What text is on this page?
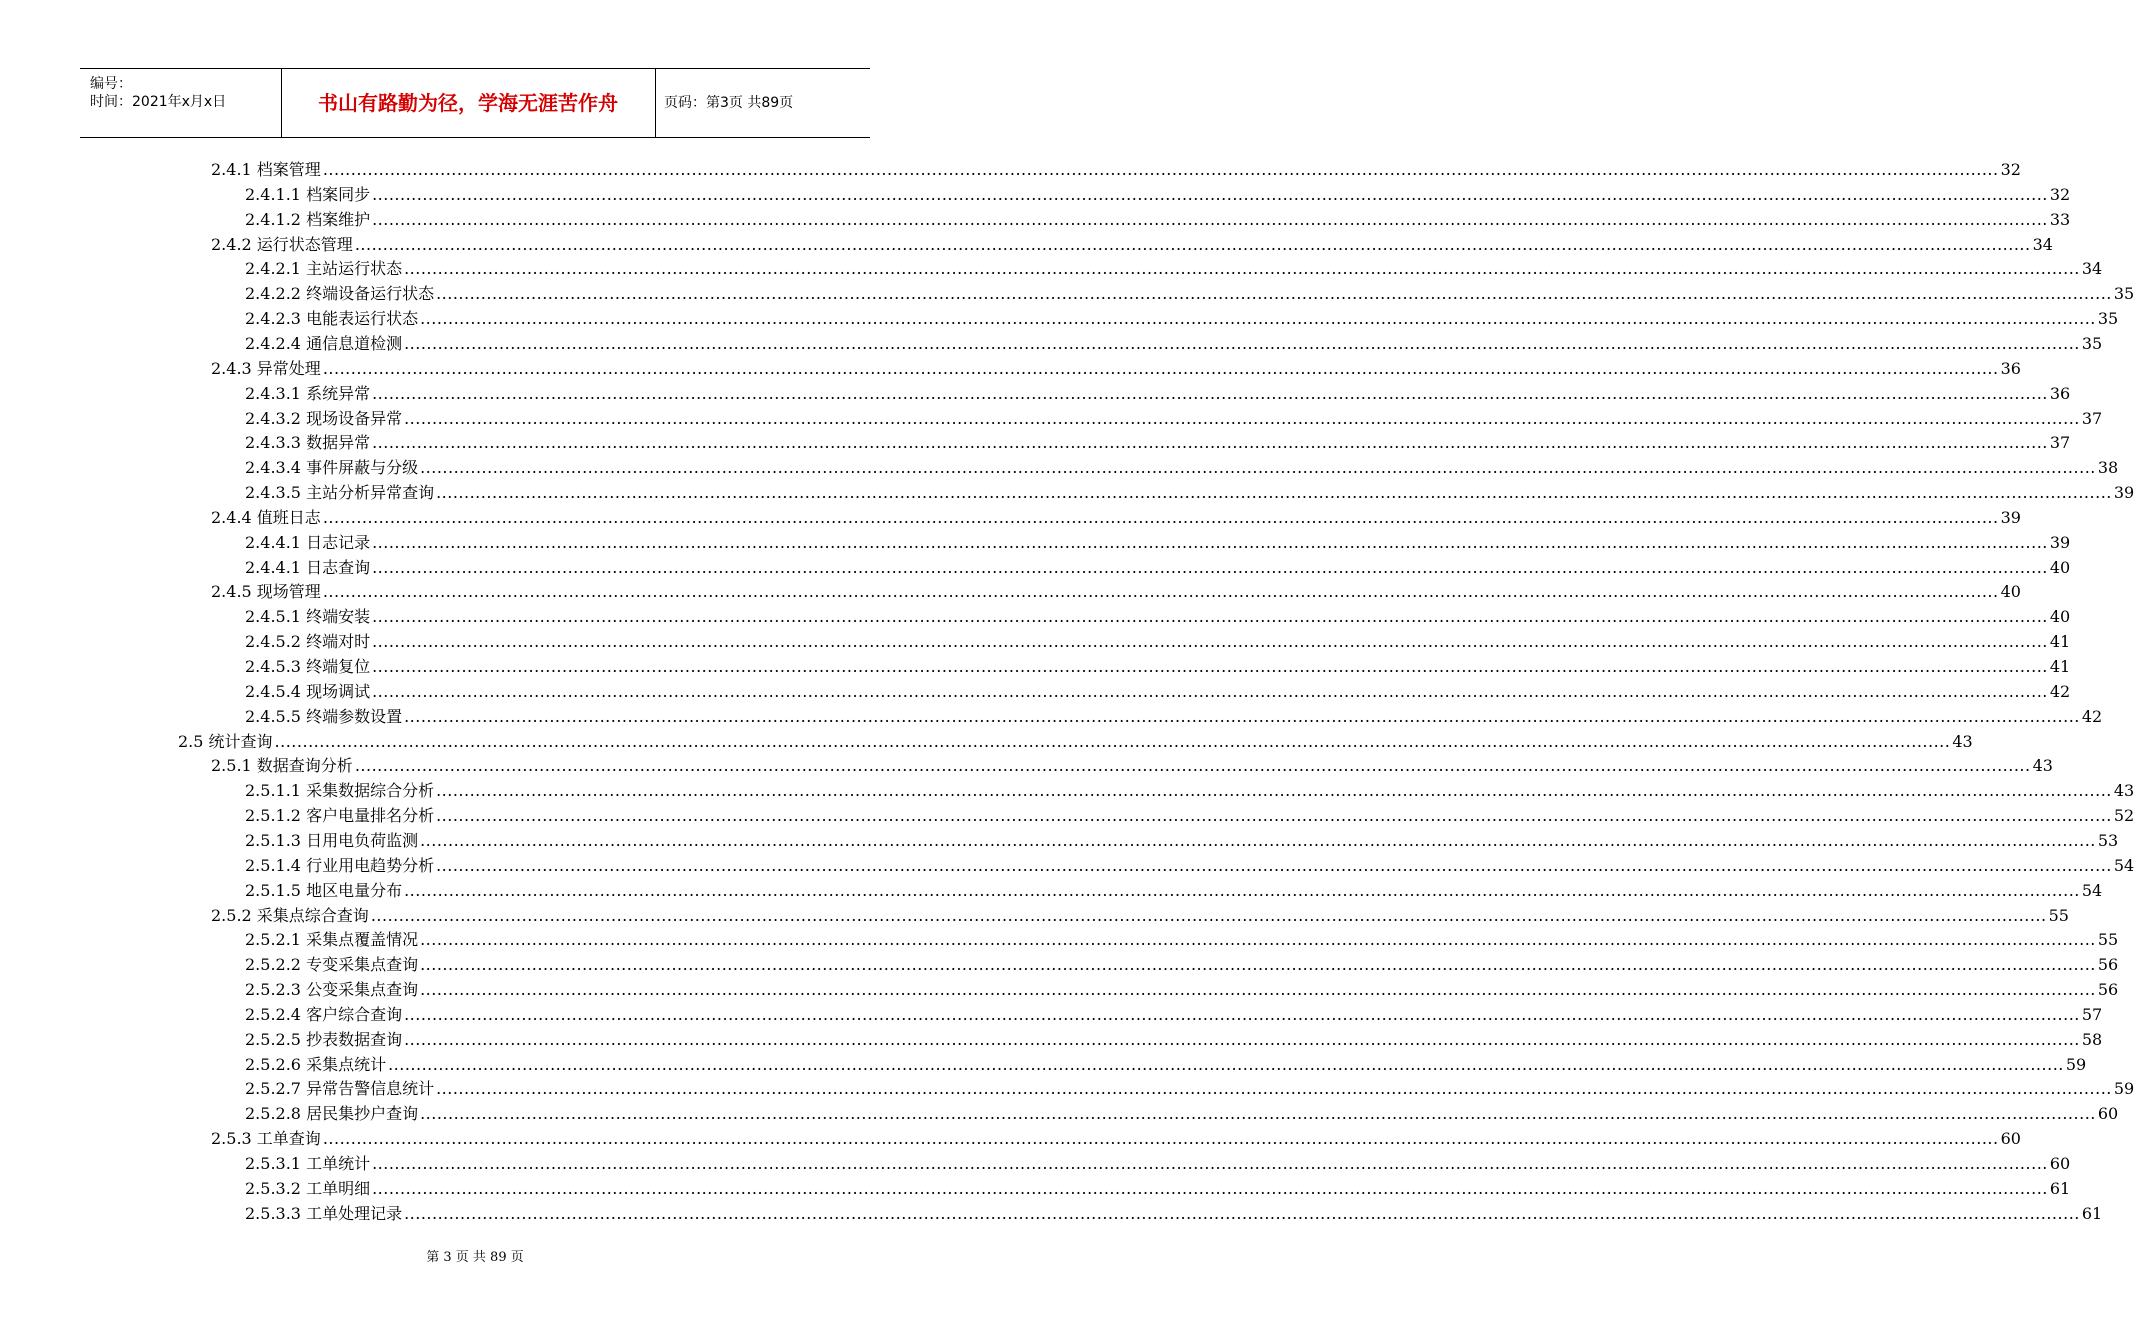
编号：
时间：2021年x月x日	书山有路勤为径，学海无涯苦作舟	页码：第3页 共89页
2.4.1 档案管理 ............................................................................................................................................................................................................................................................................................................ 32
2.4.1.1 档案同步 ............................................................................................................................................................................................................................................................................................................ 32
2.4.1.2 档案维护 ............................................................................................................................................................................................................................................................................................................ 33
2.4.2 运行状态管理 ............................................................................................................................................................................................................................................................................................................ 34
2.4.2.1 主站运行状态 ............................................................................................................................................................................................................................................................................................................ 34
2.4.2.2 终端设备运行状态 ............................................................................................................................................................................................................................................................................................................ 35
2.4.2.3 电能表运行状态 ............................................................................................................................................................................................................................................................................................................ 35
2.4.2.4 通信息道检测 ............................................................................................................................................................................................................................................................................................................ 35
2.4.3 异常处理 ............................................................................................................................................................................................................................................................................................................ 36
2.4.3.1 系统异常 ............................................................................................................................................................................................................................................................................................................ 36
2.4.3.2 现场设备异常 ............................................................................................................................................................................................................................................................................................................ 37
2.4.3.3 数据异常 ............................................................................................................................................................................................................................................................................................................ 37
2.4.3.4 事件屏蔽与分级 ............................................................................................................................................................................................................................................................................................................ 38
2.4.3.5 主站分析异常查询 ............................................................................................................................................................................................................................................................................................................ 39
2.4.4 值班日志 ............................................................................................................................................................................................................................................................................................................ 39
2.4.4.1 日志记录 ............................................................................................................................................................................................................................................................................................................ 39
2.4.4.1 日志查询 ............................................................................................................................................................................................................................................................................................................ 40
2.4.5 现场管理 ............................................................................................................................................................................................................................................................................................................ 40
2.4.5.1 终端安装 ............................................................................................................................................................................................................................................................................................................ 40
2.4.5.2 终端对时 ............................................................................................................................................................................................................................................................................................................ 41
2.4.5.3 终端复位 ............................................................................................................................................................................................................................................................................................................ 41
2.4.5.4 现场调试 ............................................................................................................................................................................................................................................................................................................ 42
2.4.5.5 终端参数设置 ............................................................................................................................................................................................................................................................................................................ 42
2.5 统计查询 ............................................................................................................................................................................................................................................................................................................ 43
2.5.1 数据查询分析 ............................................................................................................................................................................................................................................................................................................ 43
2.5.1.1 采集数据综合分析 ............................................................................................................................................................................................................................................................................................................ 43
2.5.1.2 客户电量排名分析 ............................................................................................................................................................................................................................................................................................................ 52
2.5.1.3 日用电负荷监测 ............................................................................................................................................................................................................................................................................................................ 53
2.5.1.4 行业用电趋势分析 ............................................................................................................................................................................................................................................................................................................ 54
2.5.1.5 地区电量分布 ............................................................................................................................................................................................................................................................................................................ 54
2.5.2 采集点综合查询 ............................................................................................................................................................................................................................................................................................................ 55
2.5.2.1 采集点覆盖情况 ............................................................................................................................................................................................................................................................................................................ 55
2.5.2.2 专变采集点查询 ............................................................................................................................................................................................................................................................................................................ 56
2.5.2.3 公变采集点查询 ............................................................................................................................................................................................................................................................................................................ 56
2.5.2.4 客户综合查询 ............................................................................................................................................................................................................................................................................................................ 57
2.5.2.5 抄表数据查询 ............................................................................................................................................................................................................................................................................................................ 58
2.5.2.6 采集点统计 ............................................................................................................................................................................................................................................................................................................ 59
2.5.2.7 异常告警信息统计 ............................................................................................................................................................................................................................................................................................................ 59
2.5.2.8 居民集抄户查询 ............................................................................................................................................................................................................................................................................................................ 60
2.5.3 工单查询 ............................................................................................................................................................................................................................................................................................................ 60
2.5.3.1 工单统计 ............................................................................................................................................................................................................................................................................................................ 60
2.5.3.2 工单明细 ............................................................................................................................................................................................................................................................................................................ 61
2.5.3.3 工单处理记录 ............................................................................................................................................................................................................................................................................................................ 61
第 3 页 共 89 页
